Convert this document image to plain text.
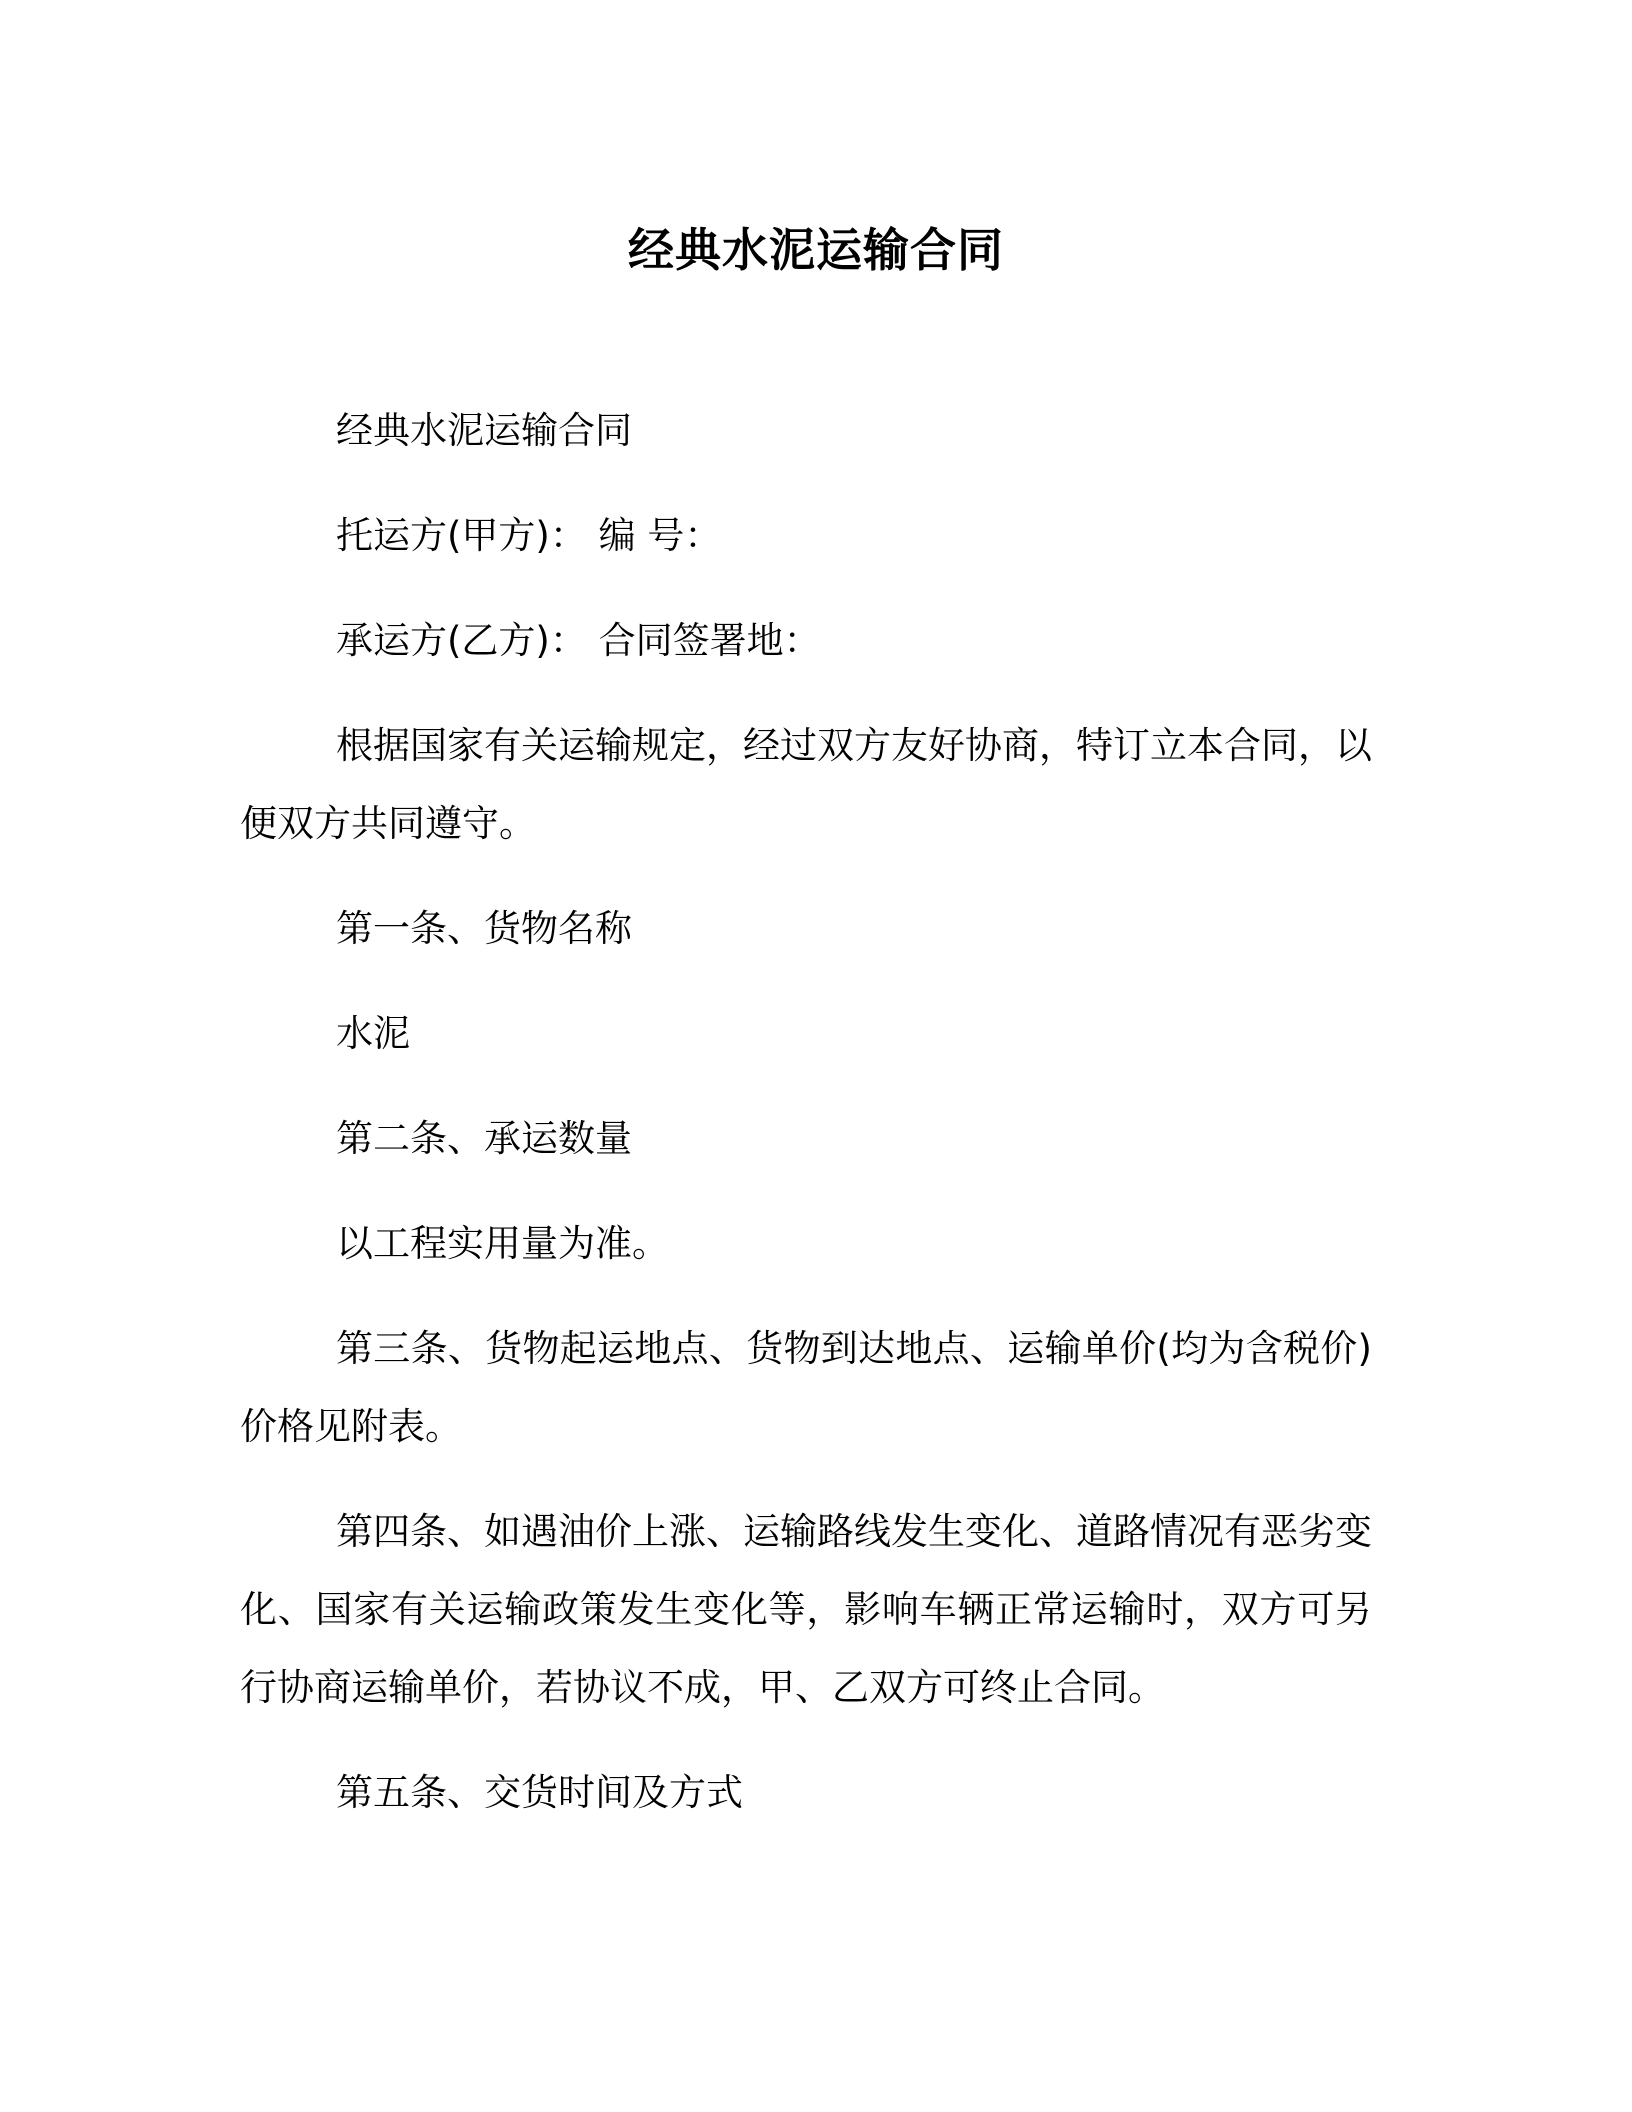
经典水泥运输合同

经典水泥运输合同

托运方(甲方)： 编 号：

承运方(乙方)： 合同签署地：

根据国家有关运输规定，经过双方友好协商，特订立本合同，以便双方共同遵守。

第一条、货物名称

水泥

第二条、承运数量

以工程实用量为准。

第三条、货物起运地点、货物到达地点、运输单价(均为含税价)价格见附表。

第四条、如遇油价上涨、运输路线发生变化、道路情况有恶劣变化、国家有关运输政策发生变化等，影响车辆正常运输时，双方可另行协商运输单价，若协议不成，甲、乙双方可终止合同。

第五条、交货时间及方式
